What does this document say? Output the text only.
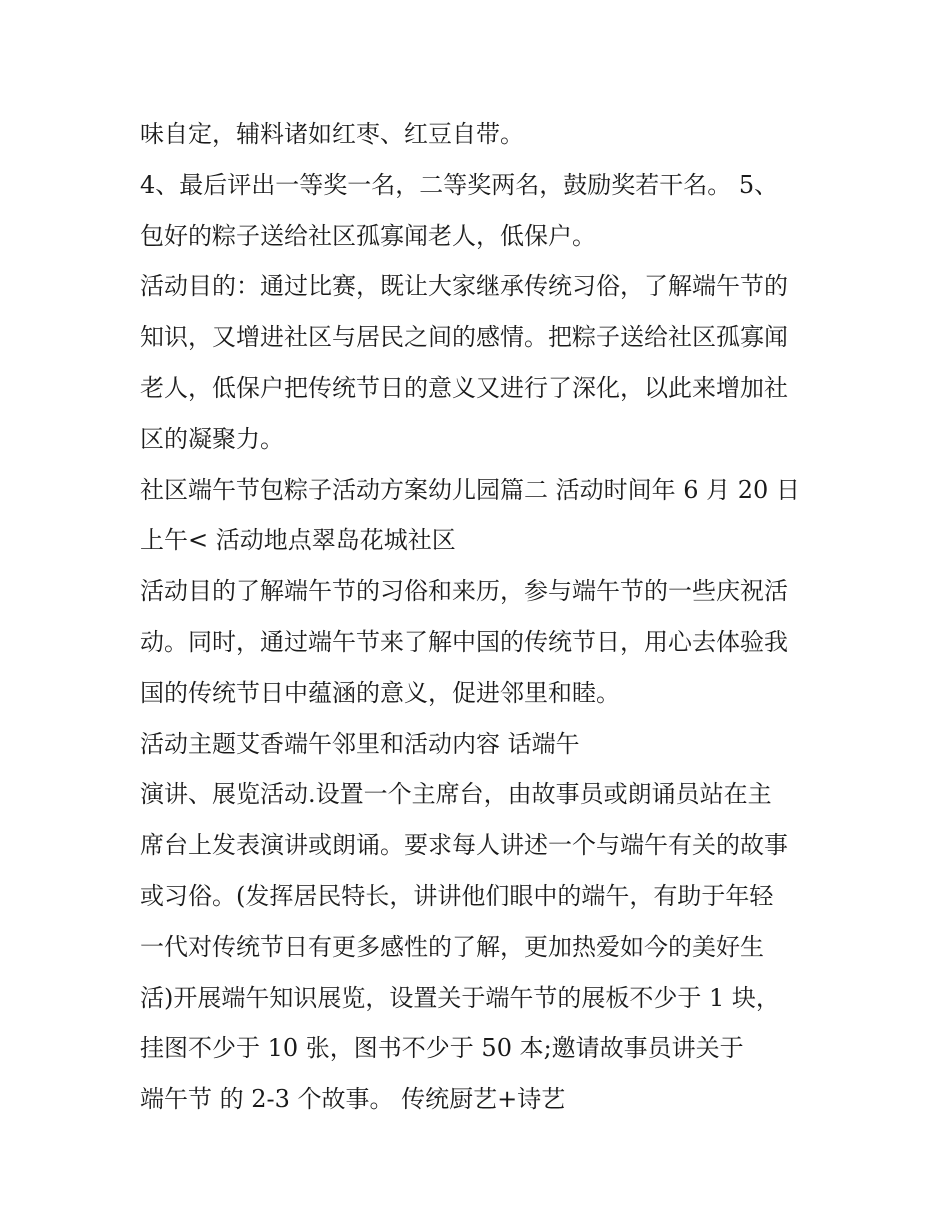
味自定，辅料诸如红枣、红豆自带。
4、最后评出一等奖一名，二等奖两名，鼓励奖若干名。 5、
包好的粽子送给社区孤寡闻老人，低保户。
活动目的：通过比赛，既让大家继承传统习俗，了解端午节的
知识，又增进社区与居民之间的感情。把粽子送给社区孤寡闻
老人，低保户把传统节日的意义又进行了深化，以此来增加社
区的凝聚力。
社区端午节包粽子活动方案幼儿园篇二 活动时间年 6 月 20 日
上午< 活动地点翠岛花城社区
活动目的了解端午节的习俗和来历，参与端午节的一些庆祝活
动。同时，通过端午节来了解中国的传统节日，用心去体验我
国的传统节日中蕴涵的意义，促进邻里和睦。
活动主题艾香端午邻里和活动内容 话端午
演讲、展览活动.设置一个主席台，由故事员或朗诵员站在主
席台上发表演讲或朗诵。要求每人讲述一个与端午有关的故事
或习俗。(发挥居民特长，讲讲他们眼中的端午，有助于年轻
一代对传统节日有更多感性的了解，更加热爱如今的美好生
活)开展端午知识展览，设置关于端午节的展板不少于 1 块，
挂图不少于 10 张，图书不少于 50 本;邀请故事员讲关于
端午节 的 2-3 个故事。 传统厨艺+诗艺
